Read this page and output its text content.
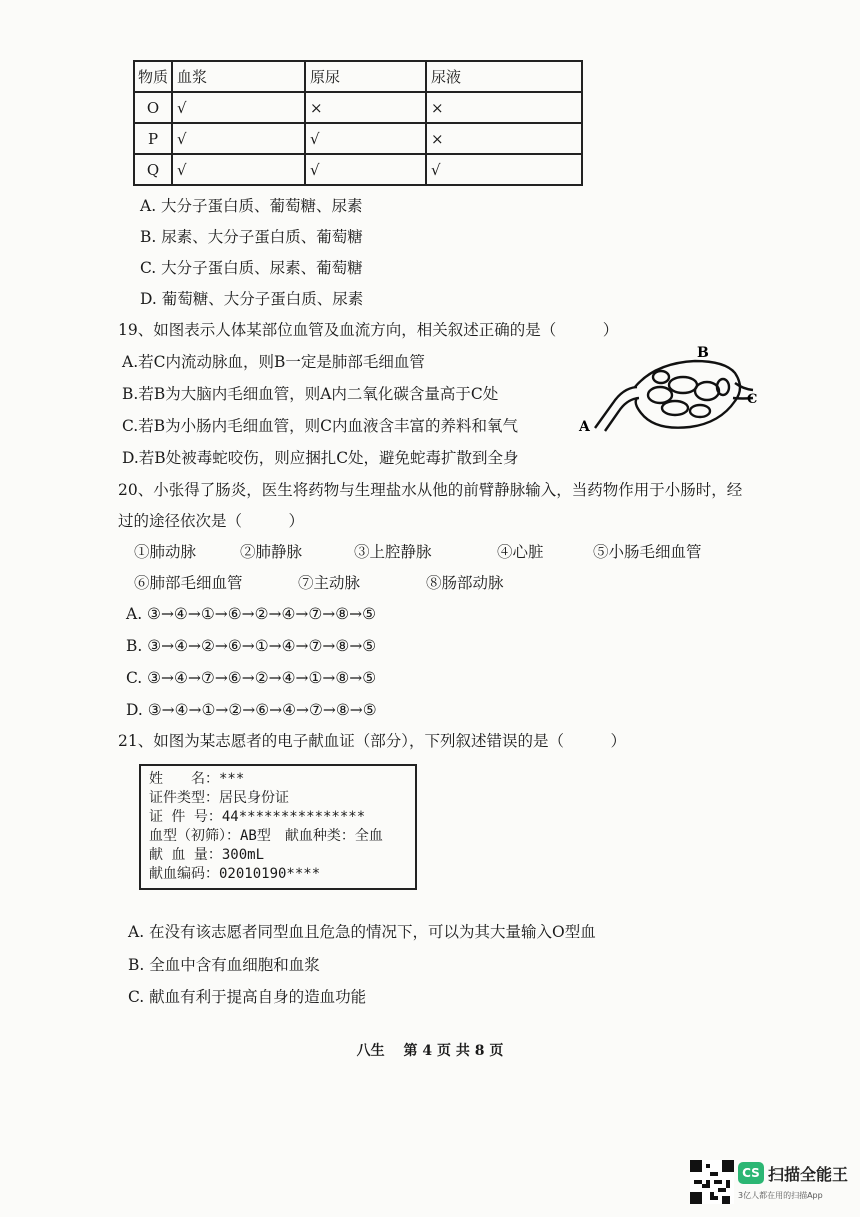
物质	血浆	原尿	尿液
O	√	×	×
P	√	√	×
Q	√	√	√
A. 大分子蛋白质、葡萄糖、尿素
B. 尿素、大分子蛋白质、葡萄糖
C. 大分子蛋白质、尿素、葡萄糖
D. 葡萄糖、大分子蛋白质、尿素
19、如图表示人体某部位血管及血流方向，相关叙述正确的是（　　　）
A.若C内流动脉血，则B一定是肺部毛细血管
B.若B为大脑内毛细血管，则A内二氧化碳含量高于C处
C.若B为小肠内毛细血管，则C内血液含丰富的养料和氧气
D.若B处被毒蛇咬伤，则应捆扎C处，避免蛇毒扩散到全身
A
B
C
20、小张得了肠炎，医生将药物与生理盐水从他的前臂静脉输入，当药物作用于小肠时，经
过的途径依次是（　　　）
①肺动脉	②肺静脉	③上腔静脉	④心脏	⑤小肠毛细血管
⑥肺部毛细血管	⑦主动脉	⑧肠部动脉
A. ③→④→①→⑥→②→④→⑦→⑧→⑤
B. ③→④→②→⑥→①→④→⑦→⑧→⑤
C. ③→④→⑦→⑥→②→④→①→⑧→⑤
D. ③→④→①→②→⑥→④→⑦→⑧→⑤
21、如图为某志愿者的电子献血证（部分），下列叙述错误的是（　　　）
姓　　名：***
证件类型：居民身份证
证 件 号：44***************
血型（初筛）：AB型　献血种类：全血
献 血 量：300mL
献血编码：02010190****
A. 在没有该志愿者同型血且危急的情况下，可以为其大量输入O型血
B. 全血中含有血细胞和血浆
C. 献血有利于提高自身的造血功能
八生　 第 4 页 共 8 页
CS 扫描全能王
3亿人都在用的扫描App
